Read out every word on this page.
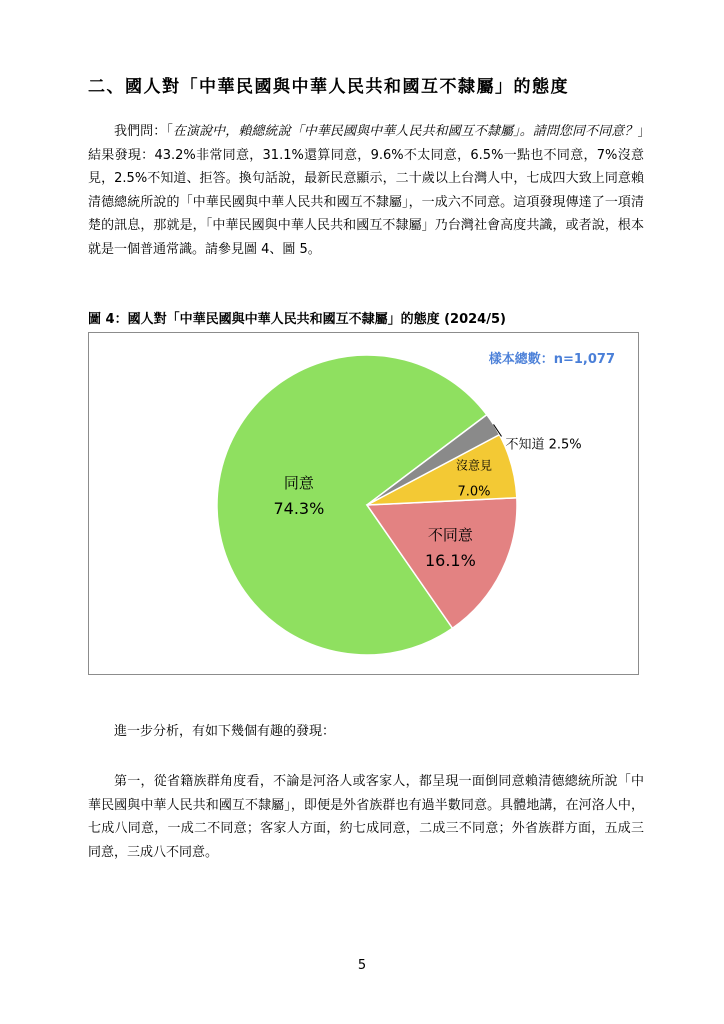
二、國人對「中華民國與中華人民共和國互不隸屬」的態度
我們問：「在演說中，賴總統說「中華民國與中華人民共和國互不隸屬」。請問您同不同意？」結果發現：43.2%非常同意，31.1%還算同意，9.6%不太同意，6.5%一點也不同意，7%沒意見，2.5%不知道、拒答。換句話說，最新民意顯示，二十歲以上台灣人中，七成四大致上同意賴清德總統所說的「中華民國與中華人民共和國互不隸屬」，一成六不同意。這項發現傳達了一項清楚的訊息，那就是，「中華民國與中華人民共和國互不隸屬」乃台灣社會高度共識，或者說，根本就是一個普通常識。請參見圖 4、圖 5。
圖 4：國人對「中華民國與中華人民共和國互不隸屬」的態度 (2024/5)
樣本總數：n=1,077
同意
74.3%
不同意
16.1%
沒意見
7.0%
不知道 2.5%
進一步分析，有如下幾個有趣的發現：
第一，從省籍族群角度看，不論是河洛人或客家人，都呈現一面倒同意賴清德總統所說「中華民國與中華人民共和國互不隸屬」，即便是外省族群也有過半數同意。具體地講，在河洛人中，七成八同意，一成二不同意；客家人方面，約七成同意，二成三不同意；外省族群方面，五成三同意，三成八不同意。
5
